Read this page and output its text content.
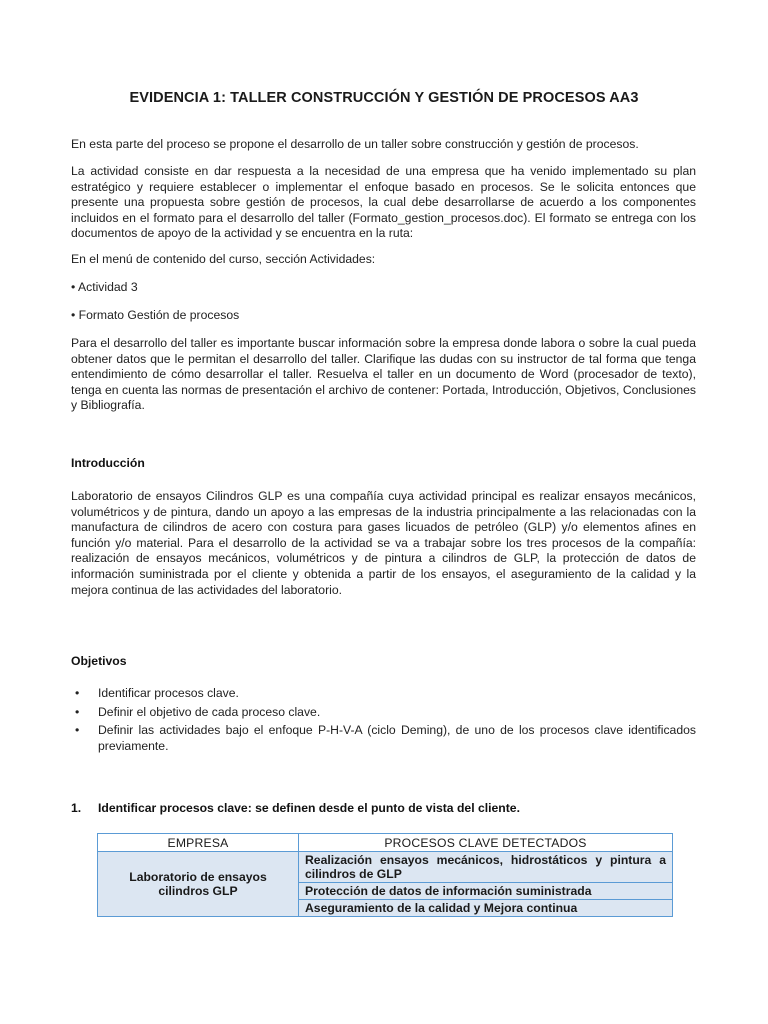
EVIDENCIA 1: TALLER CONSTRUCCIÓN Y GESTIÓN DE PROCESOS AA3

En esta parte del proceso se propone el desarrollo de un taller sobre construcción y gestión de procesos.

La actividad consiste en dar respuesta a la necesidad de una empresa que ha venido implementado su plan estratégico y requiere establecer o implementar el enfoque basado en procesos. Se le solicita entonces que presente una propuesta sobre gestión de procesos, la cual debe desarrollarse de acuerdo a los componentes incluidos en el formato para el desarrollo del taller (Formato_gestion_procesos.doc). El formato se entrega con los documentos de apoyo de la actividad y se encuentra en la ruta:

En el menú de contenido del curso, sección Actividades:

• Actividad 3

• Formato Gestión de procesos

Para el desarrollo del taller es importante buscar información sobre la empresa donde labora o sobre la cual pueda obtener datos que le permitan el desarrollo del taller. Clarifique las dudas con su instructor de tal forma que tenga entendimiento de cómo desarrollar el taller. Resuelva el taller en un documento de Word (procesador de texto), tenga en cuenta las normas de presentación el archivo de contener: Portada, Introducción, Objetivos, Conclusiones y Bibliografía.

Introducción

Laboratorio de ensayos Cilindros GLP es una compañía cuya actividad principal es realizar ensayos mecánicos, volumétricos y de pintura, dando un apoyo a las empresas de la industria principalmente a las relacionadas con la manufactura de cilindros de acero con costura para gases licuados de petróleo (GLP) y/o elementos afines en función y/o material. Para el desarrollo de la actividad se va a trabajar sobre los tres procesos de la compañía: realización de ensayos mecánicos, volumétricos y de pintura a cilindros de GLP, la protección de datos de información suministrada por el cliente y obtenida a partir de los ensayos, el aseguramiento de la calidad y la mejora continua de las actividades del laboratorio.

Objetivos
• Identificar procesos clave.
• Definir el objetivo de cada proceso clave.
• Definir las actividades bajo el enfoque P-H-V-A (ciclo Deming), de uno de los procesos clave identificados previamente.
1. Identificar procesos clave: se definen desde el punto de vista del cliente.
EMPRESA	PROCESOS CLAVE DETECTADOS
Laboratorio de ensayos cilindros GLP	Realización ensayos mecánicos, hidrostáticos y pintura a cilindros de GLP
	Protección de datos de información suministrada
	Aseguramiento de la calidad y Mejora continua
